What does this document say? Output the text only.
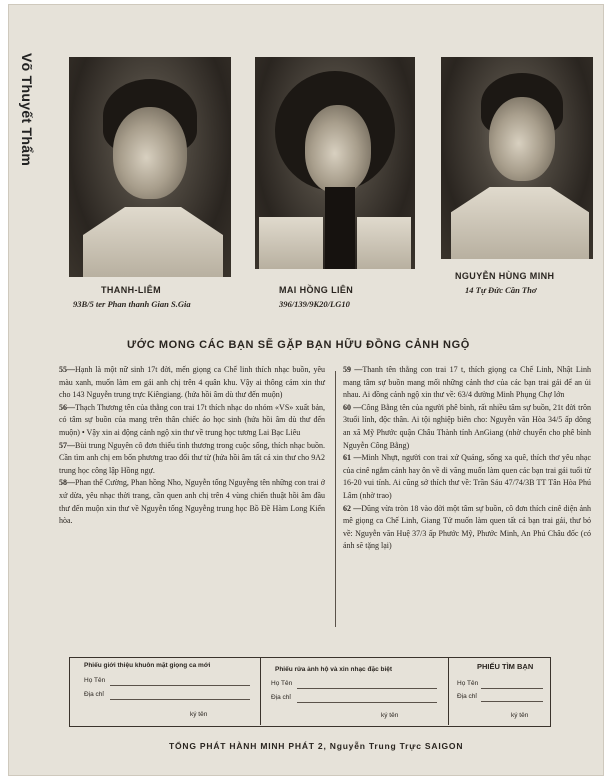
Võ Thuyết Thẩm
THANH-LIÊM
93B/5 ter Phan thanh Gian S.Gia
MAI HỒNG LIÊN
396/139/9K20/LG10
NGUYỄN HÙNG MINH
14 Tự Đức Cần Thơ
ƯỚC MONG CÁC BẠN SẼ GẶP BẠN HỮU ĐỒNG CẢNH NGỘ

55—Hạnh là một nữ sinh 17t đời, mến giọng ca Chế linh thích nhạc buồn, yêu màu xanh, muốn làm em gái anh chị trên 4 quân khu. Vậy ai thông cảm xin thư cho 143 Nguyễn trung trực Kiêngiang. (hứa hồi âm dù thư đến muộn)

56—Thạch Thương tên của thằng con trai 17t thích nhạc do nhóm «VS» xuất bản, có tâm sự buồn của mang trên thân chiếc áo học sinh (hứa hồi âm dù thư đến muộn) • Vậy xin ai động cảnh ngộ xin thư về trung học tương Lai Bạc Liêu

57—Bùi trung Nguyên cô đơn thiếu tình thương trong cuộc sống, thích nhạc buồn. Cần tìm anh chị em bốn phương trao đổi thư từ (hứa hồi âm tất cả xin thư cho 9A2 trung học công lập Hồng ngự.

58—Phan thế Cường, Phan hồng Nho, Nguyễn tống Nguyễng tên những con trai ở xứ dừa, yêu nhạc thời trang, cần quen anh chị trên 4 vùng chiến thuật hồi âm đầu thư đến muộn xin thư về Nguyễn tống Nguyễng trung học Bồ Đề Hàm Long Kiến hòa.

59 —Thanh tên thằng con trai 17 t, thích giọng ca Chế Linh, Nhật Linh mang tâm sự buồn mang mối những cảnh thơ của các bạn trai gái để an ủi nhau. Ai đồng cảnh ngộ xin thư về: 63/4 đường Minh Phụng Chợ lớn

60 —Công Bằng tên của người phê bình, rất nhiều tâm sự buồn, 21t đời trôn 3tuổi lính, độc thân. Ai tội nghiệp biên cho: Nguyễn văn Hòa 34/5 ấp dông an xã Mỹ Phước quận Châu Thành tỉnh AnGiang (nhờ chuyển cho phê bình Nguyễn Công Bằng)

61 —Minh Nhựt, người con trai xứ Quảng, sống xa quê, thích thơ yêu nhạc của cinê ngắm cảnh hay ôn về di vãng muốn làm quen các bạn trai gái tuổi từ 16-20 vui tính. Ai cũng sở thích thư về: Trần Sáu 47/74/3B TT Tân Hòa Phú Lâm (nhờ trao)

62 —Dũng vừa tròn 18 vào đời một tâm sự buồn, cô đơn thích cinê diện ảnh mê giọng ca Chế Linh, Giang Tử muốn làm quen tất cả bạn trai gái, thư bỏ về: Nguyễn văn Huệ 37/3 ấp Phước Mỹ, Phước Minh, An Phú Châu đốc (có ảnh sẽ tặng lại)

Phiếu giới thiệu khuôn mặt giọng ca mới
Họ Tên
Địa chỉ
ký tên
Phiếu rửa ảnh hộ và xin nhạc đặc biệt
Họ Tên
Địa chỉ
ký tên
PHIẾU TÌM BẠN
Họ Tên
Địa chỉ
ký tên
TỔNG PHÁT HÀNH MINH PHÁT 2, Nguyễn Trung Trực SAIGON
